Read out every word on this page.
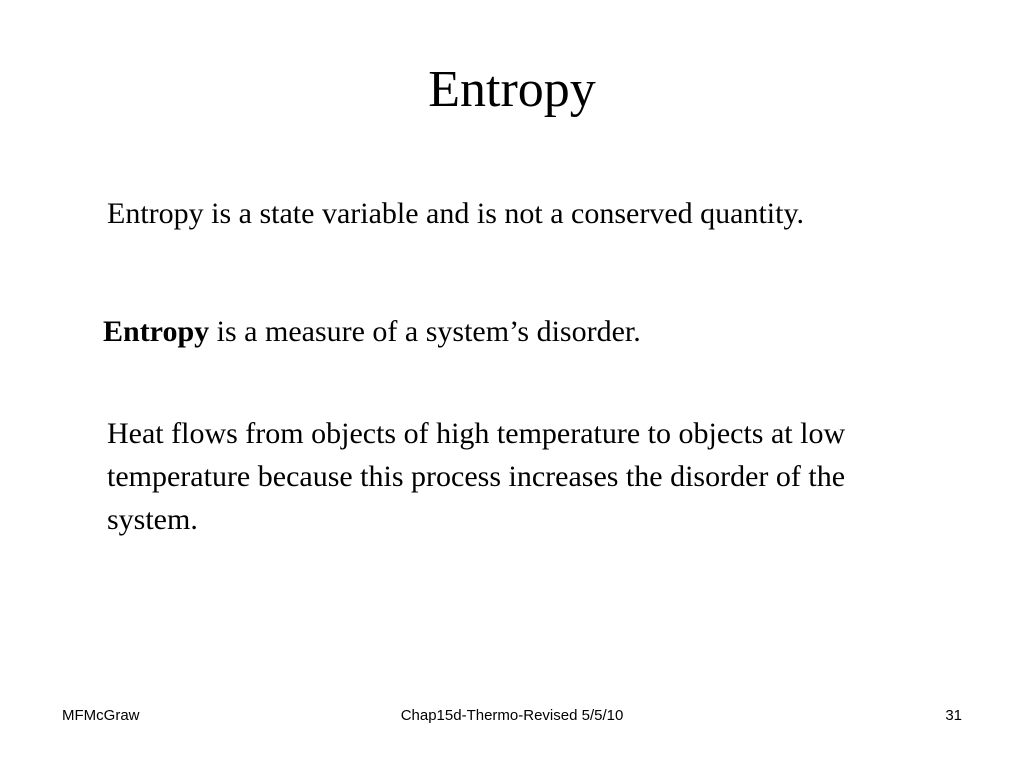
Entropy

Entropy is a state variable and is not a conserved quantity.

Entropy is a measure of a system’s disorder.

Heat flows from objects of high temperature to objects at low temperature because this process increases the disorder of the system.

MFMcGraw	Chap15d-Thermo-Revised 5/5/10	31
